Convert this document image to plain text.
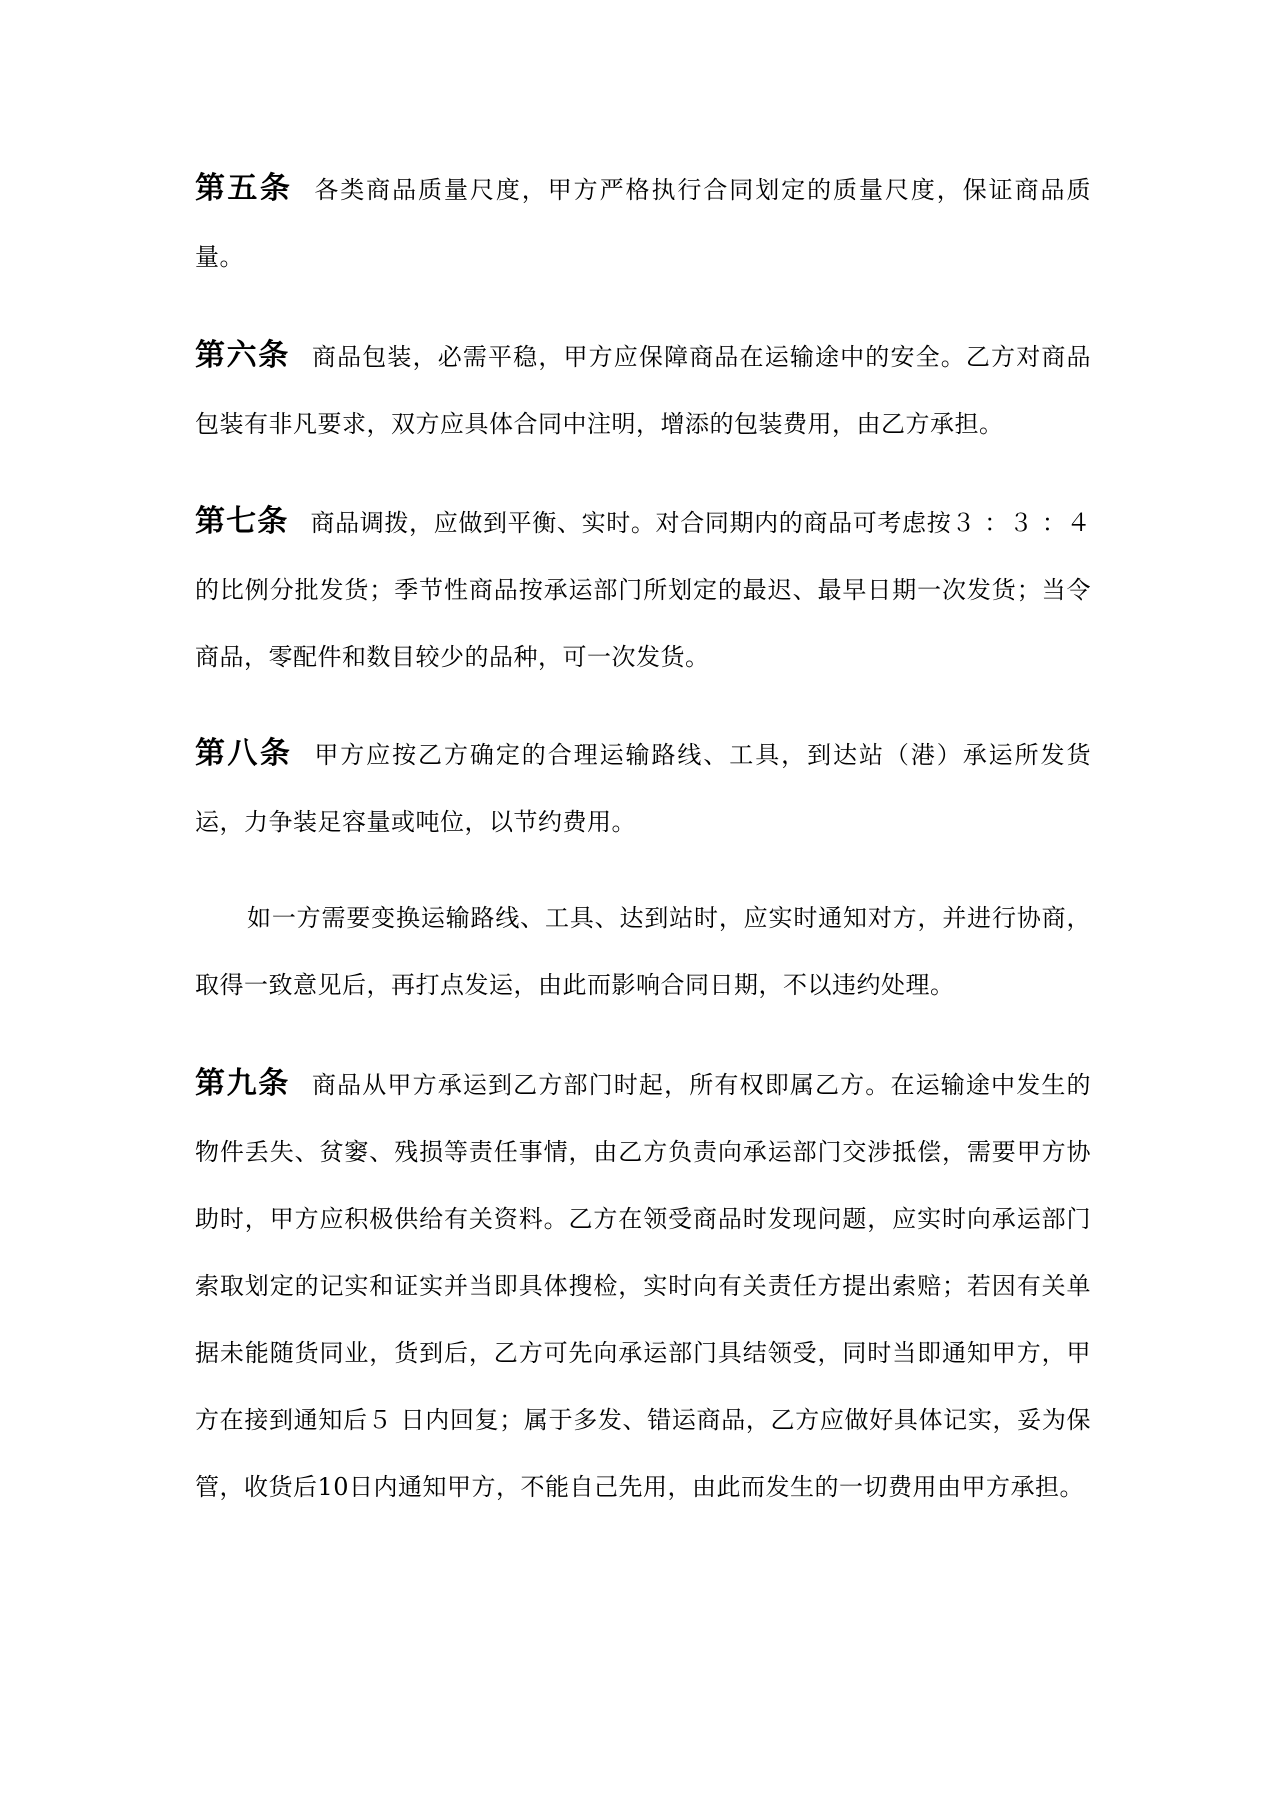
第五条 各类商品质量尺度，甲方严格执行合同划定的质量尺度，保证商品质量。

第六条 商品包装，必需平稳，甲方应保障商品在运输途中的安全。乙方对商品包装有非凡要求，双方应具体合同中注明，增添的包装费用，由乙方承担。

第七条 商品调拨，应做到平衡、实时。对合同期内的商品可考虑按３ ：３ ：４ 的比例分批发货；季节性商品按承运部门所划定的最迟、最早日期一次发货；当令商品，零配件和数目较少的品种，可一次发货。

第八条 甲方应按乙方确定的合理运输路线、工具，到达站（港）承运所发货运，力争装足容量或吨位，以节约费用。

如一方需要变换运输路线、工具、达到站时，应实时通知对方，并进行协商，取得一致意见后，再打点发运，由此而影响合同日期，不以违约处理。

第九条 商品从甲方承运到乙方部门时起，所有权即属乙方。在运输途中发生的物件丢失、贫窭、残损等责任事情，由乙方负责向承运部门交涉抵偿，需要甲方协助时，甲方应积极供给有关资料。乙方在领受商品时发现问题，应实时向承运部门索取划定的记实和证实并当即具体搜检，实时向有关责任方提出索赔；若因有关单据未能随货同业，货到后，乙方可先向承运部门具结领受，同时当即通知甲方，甲方在接到通知后５ 日内回复；属于多发、错运商品，乙方应做好具体记实，妥为保管，收货后10日内通知甲方，不能自己先用，由此而发生的一切费用由甲方承担。
